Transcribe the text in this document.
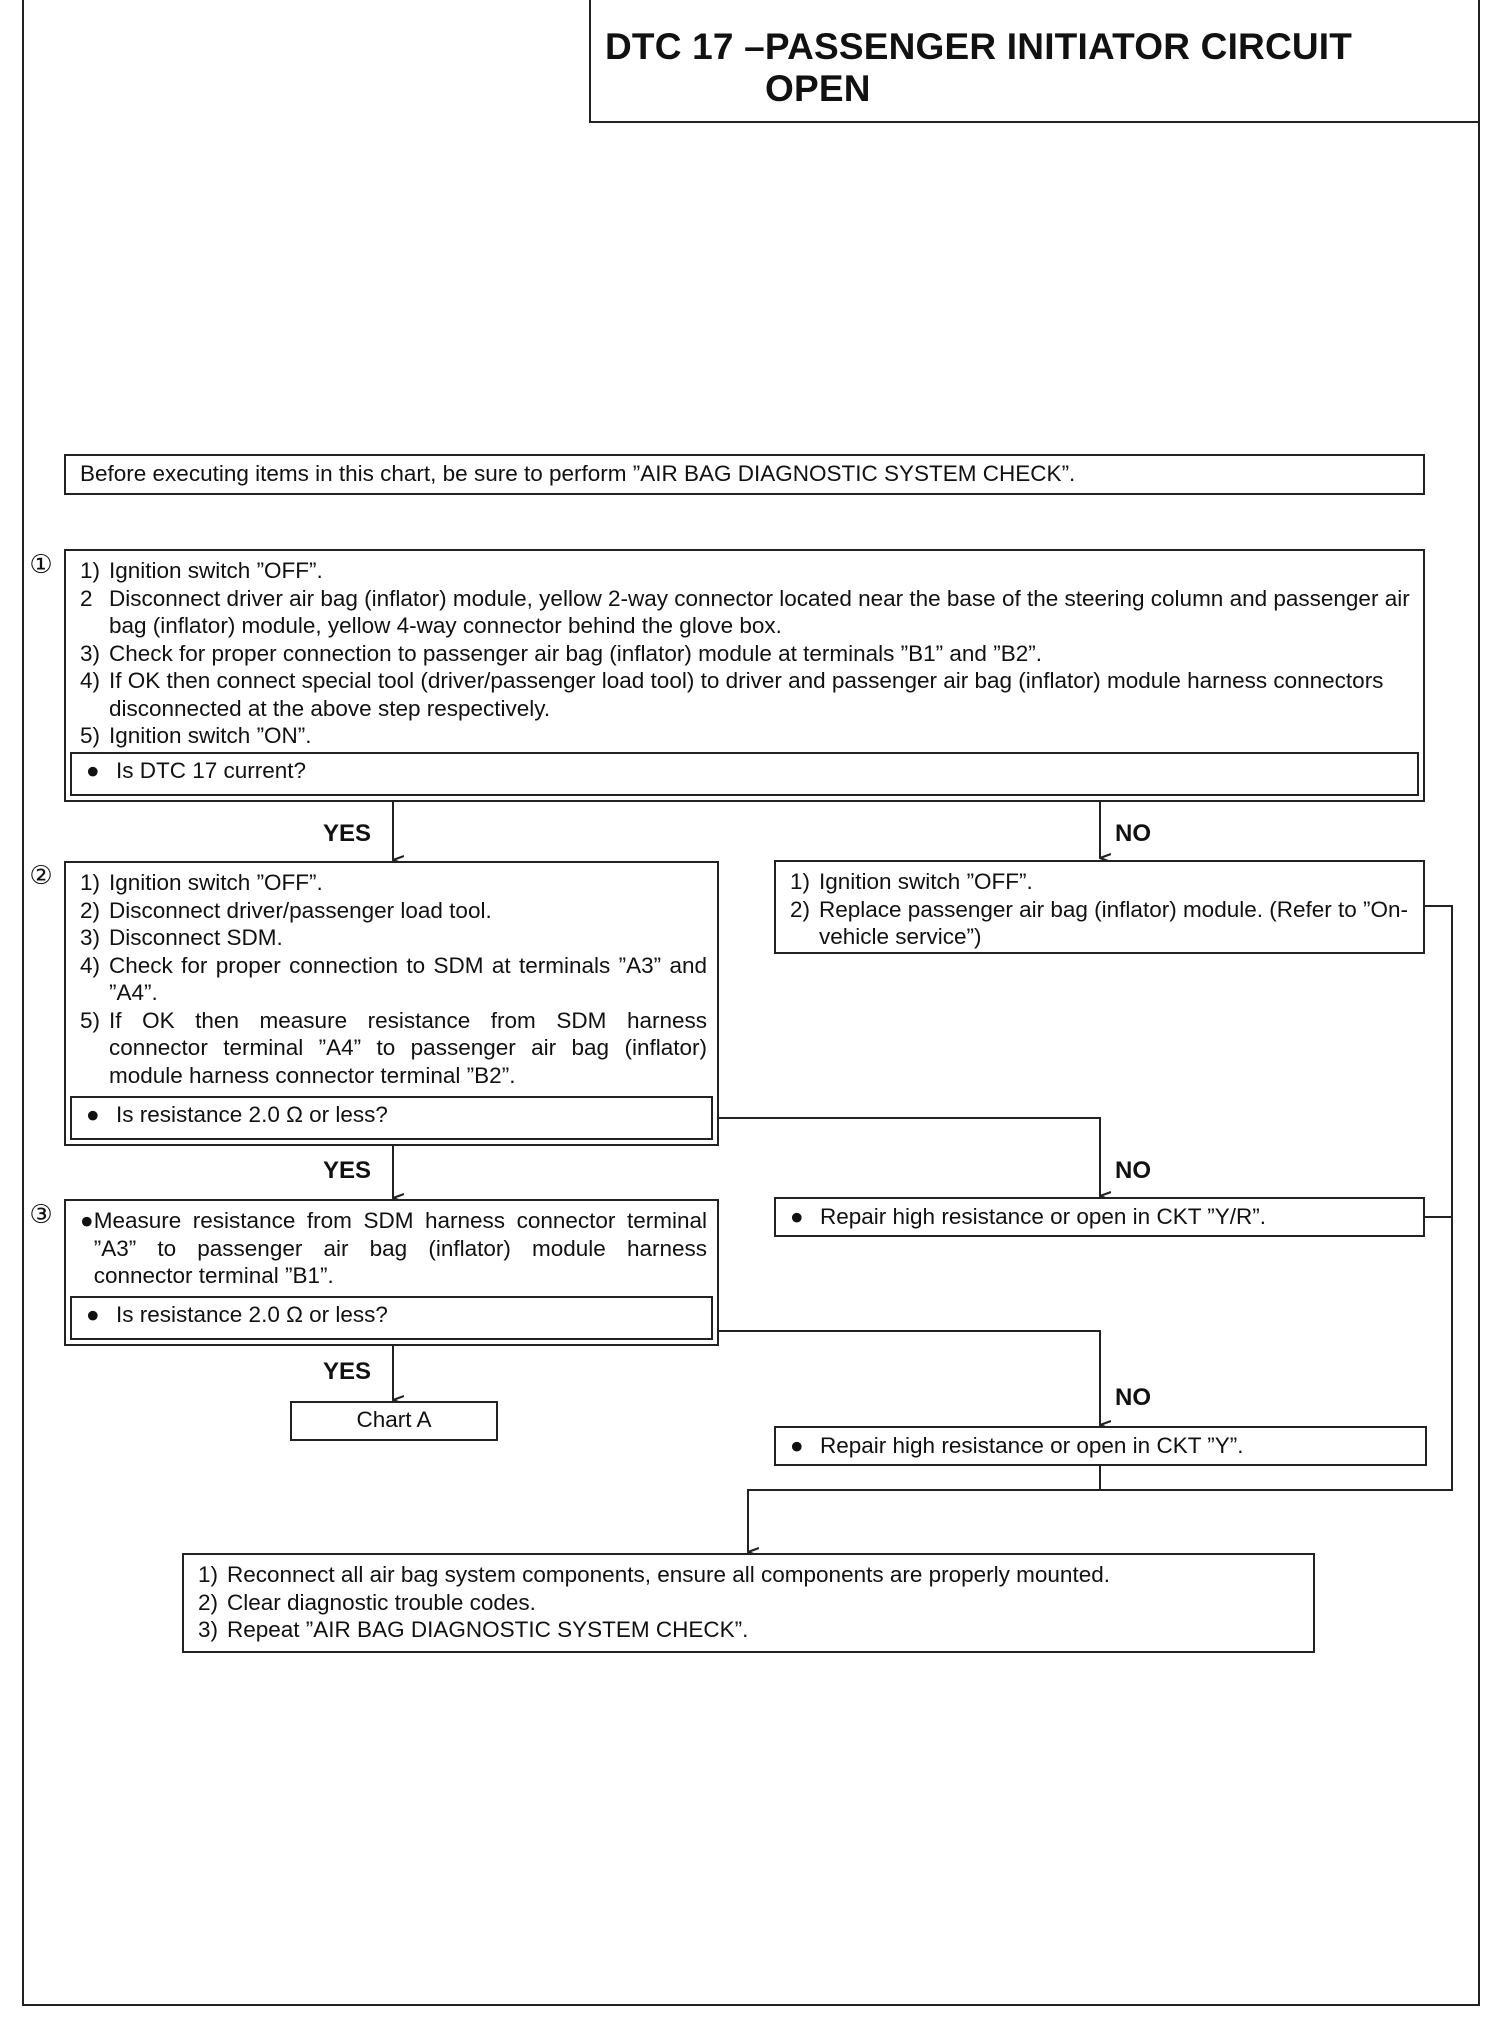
DTC 17 –PASSENGER INITIATOR CIRCUIT
OPEN
Before executing items in this chart, be sure to perform ”AIR BAG DIAGNOSTIC SYSTEM CHECK”.
① 1) Ignition switch ”OFF”.
2 Disconnect driver air bag (inflator) module, yellow 2-way connector located near the base of the steering column and passenger air bag (inflator) module, yellow 4-way connector behind the glove box.
3) Check for proper connection to passenger air bag (inflator) module at terminals ”B1” and ”B2”.
4) If OK then connect special tool (driver/passenger load tool) to driver and passenger air bag (inflator) module harness connectors disconnected at the above step respectively.
5) Ignition switch ”ON”.
● Is DTC 17 current?
YES	NO
② 1) Ignition switch ”OFF”.
2) Disconnect driver/passenger load tool.
3) Disconnect SDM.
4) Check for proper connection to SDM at terminals ”A3” and ”A4”.
5) If OK then measure resistance from SDM harness connector terminal ”A4” to passenger air bag (inflator) module harness connector terminal ”B2”.
● Is resistance 2.0 Ω or less?
1) Ignition switch ”OFF”.
2) Replace passenger air bag (inflator) module. (Refer to ”On-vehicle service”)
YES	NO
③ ● Measure resistance from SDM harness connector terminal ”A3” to passenger air bag (inflator) module harness connector terminal ”B1”.
● Is resistance 2.0 Ω or less?
● Repair high resistance or open in CKT ”Y/R”.
YES
NO
Chart A
● Repair high resistance or open in CKT ”Y”.
1) Reconnect all air bag system components, ensure all components are properly mounted.
2) Clear diagnostic trouble codes.
3) Repeat ”AIR BAG DIAGNOSTIC SYSTEM CHECK”.
